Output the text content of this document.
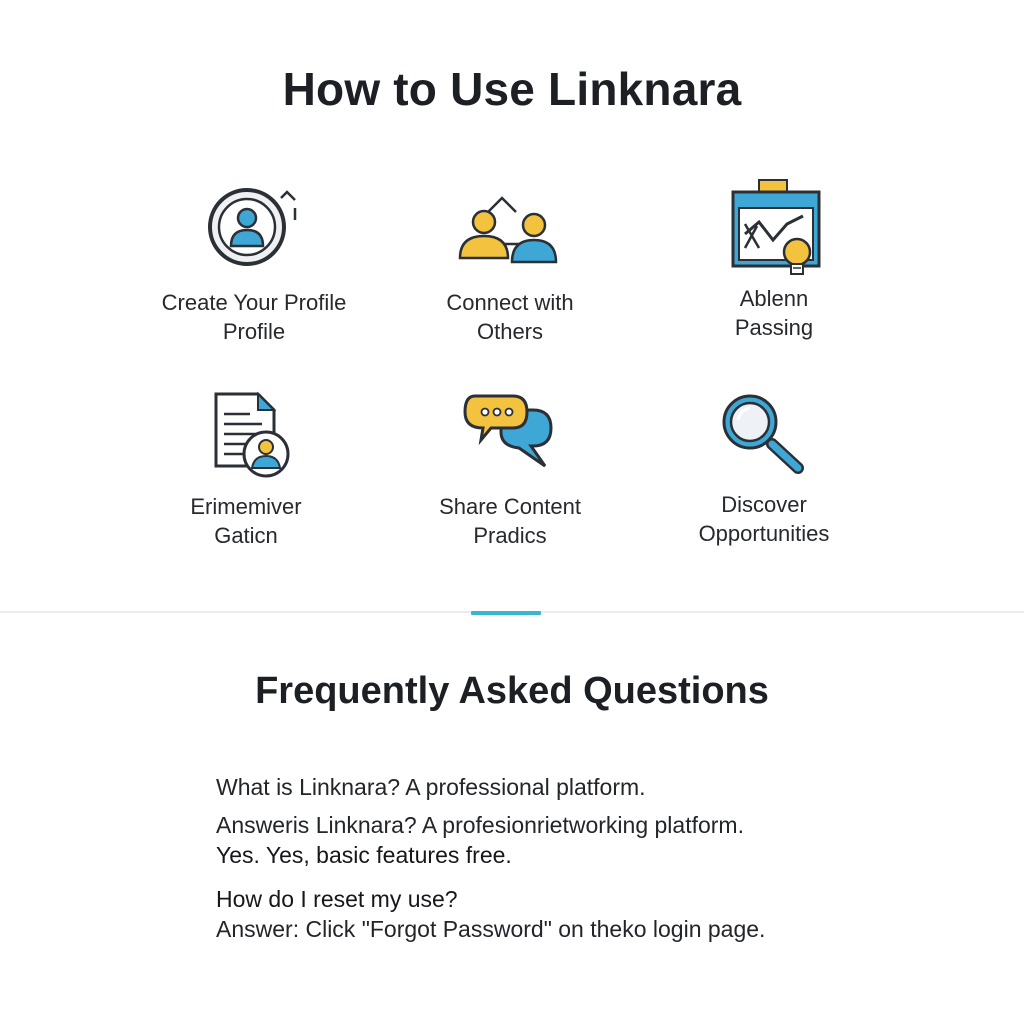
How to Use Linknara
Create Your Profile
Profile
Connect with
Others
Ablenn
Passing
Erimemiver
Gaticn
Share Content
Pradics
Discover
Opportunities
Frequently Asked Questions
What is Linknara? A professional platform.
Answeris Linknara? A profesionrietworking platform.
Yes. Yes, basic features free.
How do I reset my use?
Answer: Click "Forgot Password" on theko login page.
